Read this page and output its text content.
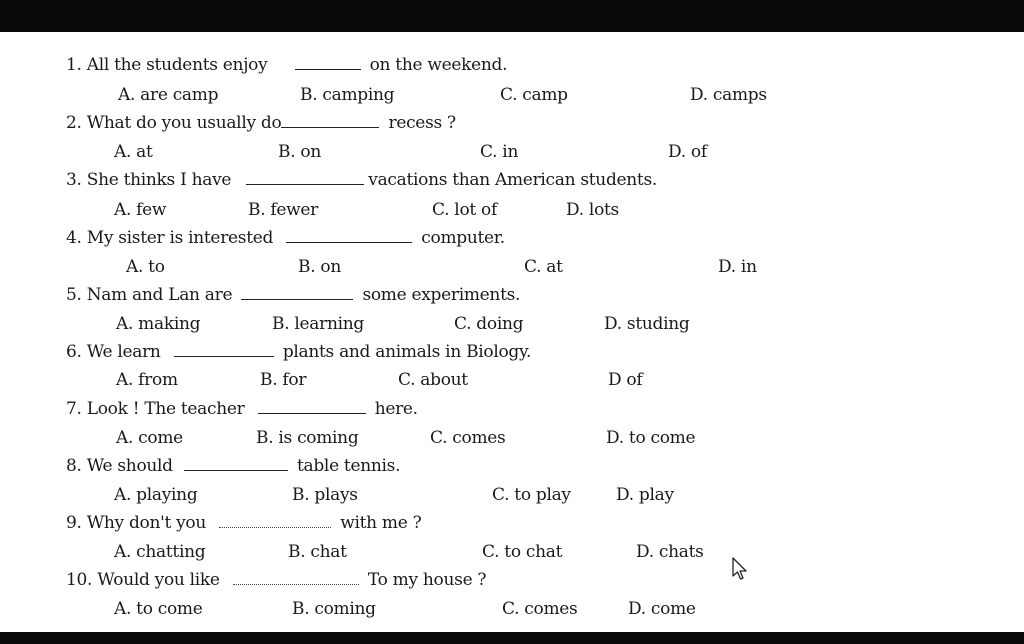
1. All the students enjoy	on the weekend.
A. are camp	B. camping	C. camp	D. camps
2. What do you usually do	recess ?
A. at	B. on	C. in	D. of
3. She thinks I have	vacations than American students.
A. few	B. fewer	C. lot of	D. lots
4. My sister is interested	computer.
A. to	B. on	C. at	D. in
5. Nam and Lan are	some experiments.
A. making	B. learning	C. doing	D. studing
6. We learn	plants and animals in Biology.
A. from	B. for	C. about	D of
7. Look ! The teacher	here.
A. come	B. is coming	C. comes	D. to come
8. We should	table tennis.
A. playing	B. plays	C. to play	D. play
9. Why don't you	with me ?
A. chatting	B. chat	C. to chat	D. chats
10. Would you like	To my house ?
A. to come	B. coming	C. comes	D. come
